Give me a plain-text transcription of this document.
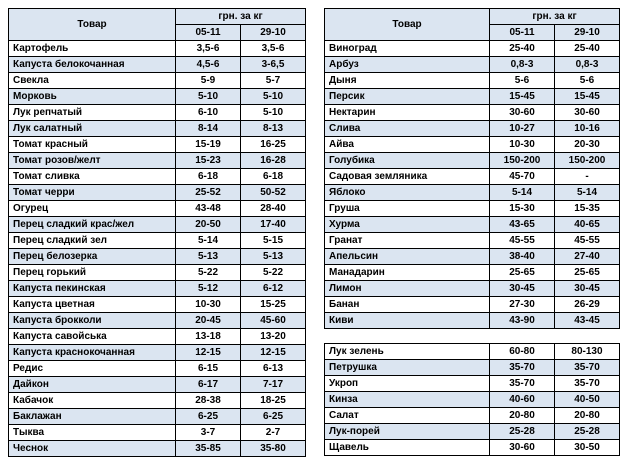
Товар	грн. за кг	
	05-11	29-10
Картофель	3,5-6	3,5-6
Капуста белокочанная	4,5-6	3-6,5
Свекла	5-9	5-7
Морковь	5-10	5-10
Лук репчатый	6-10	5-10
Лук салатный	8-14	8-13
Томат красный	15-19	16-25
Томат розов/желт	15-23	16-28
Томат сливка	6-18	6-18
Томат черри	25-52	50-52
Огурец	43-48	28-40
Перец сладкий крас/жел	20-50	17-40
Перец сладкий зел	5-14	5-15
Перец белозерка	5-13	5-13
Перец горький	5-22	5-22
Капуста пекинская	5-12	6-12
Капуста цветная	10-30	15-25
Капуста брокколи	20-45	45-60
Капуста савойська	13-18	13-20
Капуста краснокочанная	12-15	12-15
Редис	6-15	6-13
Дайкон	6-17	7-17
Кабачок	28-38	18-25
Баклажан	6-25	6-25
Тыква	3-7	2-7
Чеснок	35-85	35-80
Товар	грн. за кг	
	05-11	29-10
Виноград	25-40	25-40
Арбуз	0,8-3	0,8-3
Дыня	5-6	5-6
Персик	15-45	15-45
Нектарин	30-60	30-60
Слива	10-27	10-16
Айва	10-30	20-30
Голубика	150-200	150-200
Садовая земляника	45-70	-
Яблоко	5-14	5-14
Груша	15-30	15-35
Хурма	43-65	40-65
Гранат	45-55	45-55
Апельсин	38-40	27-40
Манадарин	25-65	25-65
Лимон	30-45	30-45
Банан	27-30	26-29
Киви	43-90	43-45

Лук зелень	60-80	80-130
Петрушка	35-70	35-70
Укроп	35-70	35-70
Кинза	40-60	40-50
Салат	20-80	20-80
Лук-порей	25-28	25-28
Щавель	30-60	30-50
